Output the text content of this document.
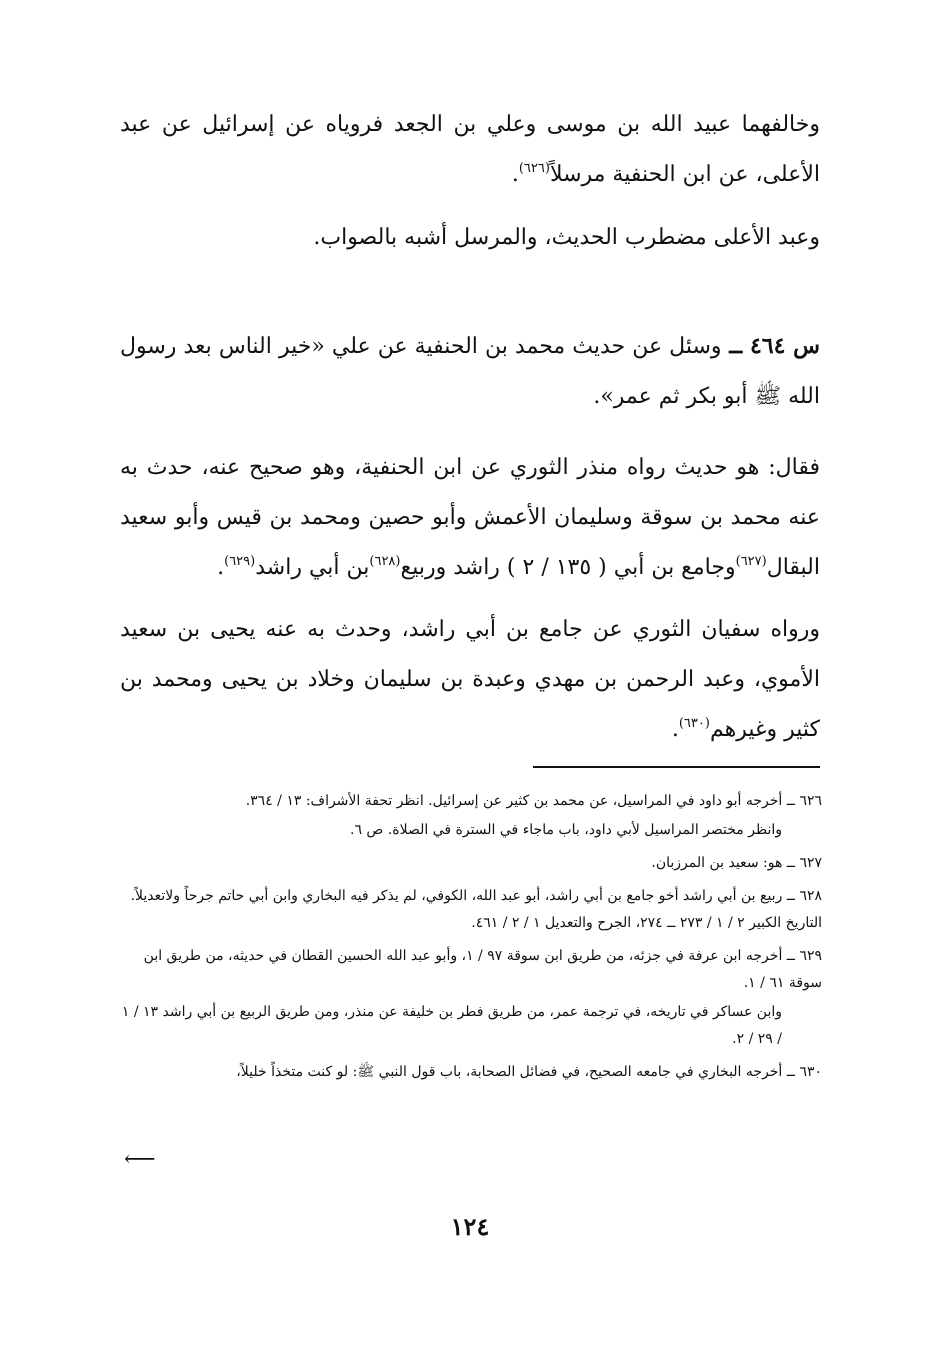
وخالفهما عبيد الله بن موسى وعلي بن الجعد فروياه عن إسرائيل عن عبد الأعلى، عن ابن الحنفية مرسلاً$^{(٦٢٦)}$.

وعبد الأعلى مضطرب الحديث، والمرسل أشبه بالصواب.

س ٤٦٤ ــ وسئل عن حديث محمد بن الحنفية عن علي «خير الناس بعد رسول الله ﷺ أبو بكر ثم عمر».

فقال: هو حديث رواه منذر الثوري عن ابن الحنفية، وهو صحيح عنه، حدث به عنه محمد بن سوقة وسليمان الأعمش وأبو حصين ومحمد بن قيس وأبو سعيد البقال$^{(٦٢٧)}$وجامع بن أبي ( ١٣٥ / ٢ ) راشد وربيع$^{(٦٢٨)}$بن أبي راشد$^{(٦٢٩)}$.

ورواه سفيان الثوري عن جامع بن أبي راشد، وحدث به عنه يحيى بن سعيد الأموي، وعبد الرحمن بن مهدي وعبدة بن سليمان وخلاد بن يحيى ومحمد بن كثير وغيرهم$^{(٦٣٠)}$.

٦٢٦ ــ أخرجه أبو داود في المراسيل، عن محمد بن كثير عن إسرائيل. انظر تحفة الأشراف: ١٣ / ٣٦٤.

وانظر مختصر المراسيل لأبي داود، باب ماجاء في السترة في الصلاة. ص ٦.

٦٢٧ ــ هو: سعيد بن المرزبان.

٦٢٨ ــ ربيع بن أبي راشد أخو جامع بن أبي راشد، أبو عبد الله، الكوفي، لم يذكر فيه البخاري وابن أبي حاتم جرحاً ولاتعديلاً. التاريخ الكبير ٢ / ١ / ٢٧٣ ــ ٢٧٤، الجرح والتعديل ١ / ٢ / ٤٦١.

٦٢٩ ــ أخرجه ابن عرفة في جزئه، من طريق ابن سوقة ٩٧ / ١، وأبو عبد الله الحسين القطان في حديثه، من طريق ابن سوقة ٦١ / ١.

وابن عساكر في تاريخه، في ترجمة عمر، من طريق فطر بن خليفة عن منذر، ومن طريق الربيع بن أبي راشد ١٣ / ١ / ٢٩ / ٢.

٦٣٠ ــ أخرجه البخاري في جامعه الصحيح، في فضائل الصحابة، باب قول النبي ﷺ: لو كنت متخذاً خليلاً،

⟵
١٢٤
